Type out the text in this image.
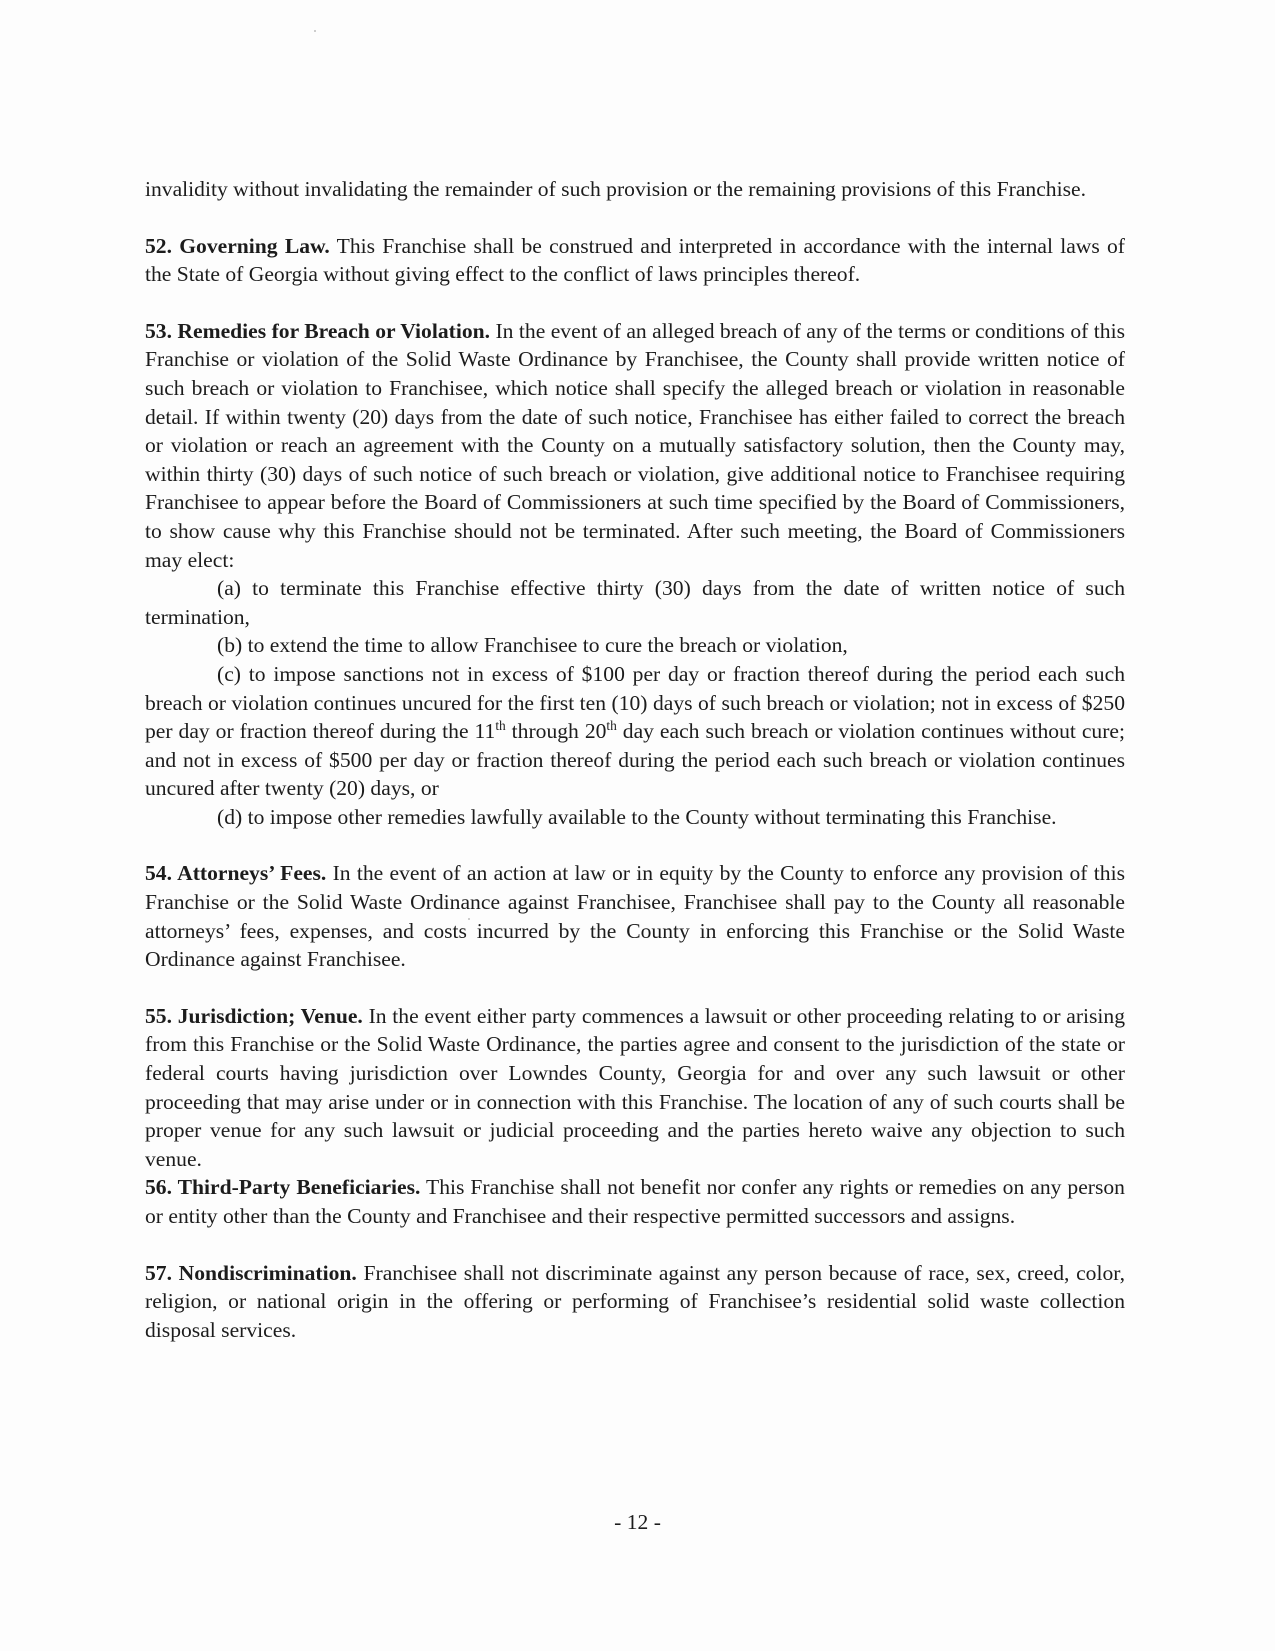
invalidity without invalidating the remainder of such provision or the remaining provisions of this Franchise.

52. Governing Law. This Franchise shall be construed and interpreted in accordance with the internal laws of the State of Georgia without giving effect to the conflict of laws principles thereof.

53. Remedies for Breach or Violation. In the event of an alleged breach of any of the terms or conditions of this Franchise or violation of the Solid Waste Ordinance by Franchisee, the County shall provide written notice of such breach or violation to Franchisee, which notice shall specify the alleged breach or violation in reasonable detail. If within twenty (20) days from the date of such notice, Franchisee has either failed to correct the breach or violation or reach an agreement with the County on a mutually satisfactory solution, then the County may, within thirty (30) days of such notice of such breach or violation, give additional notice to Franchisee requiring Franchisee to appear before the Board of Commissioners at such time specified by the Board of Commissioners, to show cause why this Franchise should not be terminated. After such meeting, the Board of Commissioners may elect:

(a) to terminate this Franchise effective thirty (30) days from the date of written notice of such termination,

(b) to extend the time to allow Franchisee to cure the breach or violation,

(c) to impose sanctions not in excess of $100 per day or fraction thereof during the period each such breach or violation continues uncured for the first ten (10) days of such breach or violation; not in excess of $250 per day or fraction thereof during the 11th through 20th day each such breach or violation continues without cure; and not in excess of $500 per day or fraction thereof during the period each such breach or violation continues uncured after twenty (20) days, or

(d) to impose other remedies lawfully available to the County without terminating this Franchise.

54. Attorneys’ Fees. In the event of an action at law or in equity by the County to enforce any provision of this Franchise or the Solid Waste Ordinance against Franchisee, Franchisee shall pay to the County all reasonable attorneys’ fees, expenses, and costs incurred by the County in enforcing this Franchise or the Solid Waste Ordinance against Franchisee.

55. Jurisdiction; Venue. In the event either party commences a lawsuit or other proceeding relating to or arising from this Franchise or the Solid Waste Ordinance, the parties agree and consent to the jurisdiction of the state or federal courts having jurisdiction over Lowndes County, Georgia for and over any such lawsuit or other proceeding that may arise under or in connection with this Franchise. The location of any of such courts shall be proper venue for any such lawsuit or judicial proceeding and the parties hereto waive any objection to such venue.

56. Third-Party Beneficiaries. This Franchise shall not benefit nor confer any rights or remedies on any person or entity other than the County and Franchisee and their respective permitted successors and assigns.

57. Nondiscrimination. Franchisee shall not discriminate against any person because of race, sex, creed, color, religion, or national origin in the offering or performing of Franchisee’s residential solid waste collection disposal services.

- 12 -
